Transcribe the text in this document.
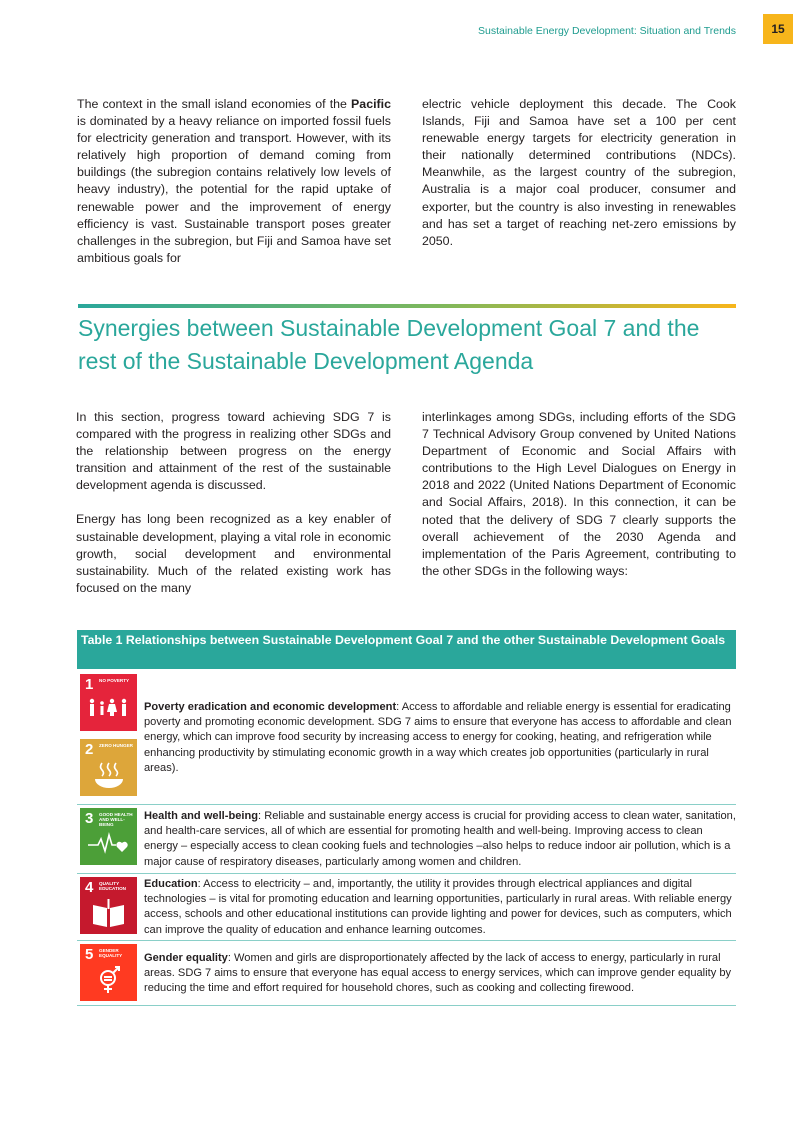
Sustainable Energy Development: Situation and Trends	15
The context in the small island economies of the Pacific is dominated by a heavy reliance on imported fossil fuels for electricity generation and transport. However, with its relatively high proportion of demand coming from buildings (the subregion contains relatively low levels of heavy industry), the potential for the rapid uptake of renewable power and the improvement of energy efficiency is vast. Sustainable transport poses greater challenges in the subregion, but Fiji and Samoa have set ambitious goals for
electric vehicle deployment this decade. The Cook Islands, Fiji and Samoa have set a 100 per cent renewable energy targets for electricity generation in their nationally determined contributions (NDCs). Meanwhile, as the largest country of the subregion, Australia is a major coal producer, consumer and exporter, but the country is also investing in renewables and has set a target of reaching net-zero emissions by 2050.
Synergies between Sustainable Development Goal 7 and the
rest of the Sustainable Development Agenda

In this section, progress toward achieving SDG 7 is compared with the progress in realizing other SDGs and the relationship between progress on the energy transition and attainment of the rest of the sustainable development agenda is discussed.

Energy has long been recognized as a key enabler of sustainable development, playing a vital role in economic growth, social development and environmental sustainability. Much of the related existing work has focused on the many

interlinkages among SDGs, including efforts of the SDG 7 Technical Advisory Group convened by United Nations Department of Economic and Social Affairs with contributions to the High Level Dialogues on Energy in 2018 and 2022 (United Nations Department of Economic and Social Affairs, 2018). In this connection, it can be noted that the delivery of SDG 7 clearly supports the overall achievement of the 2030 Agenda and implementation of the Paris Agreement, contributing to the other SDGs in the following ways:

Table 1 Relationships between Sustainable Development Goal 7 and the other Sustainable Development Goals
1 NO POVERTY
2 ZERO HUNGER
3 GOOD HEALTH AND WELL-BEING
4 QUALITY EDUCATION
5 GENDER EQUALITY

Poverty eradication and economic development: Access to affordable and reliable energy is essential for eradicating poverty and promoting economic development. SDG 7 aims to ensure that everyone has access to affordable and clean energy, which can improve food security by increasing access to energy for cooking, heating, and refrigeration while enhancing productivity by stimulating economic growth in a way which creates job opportunities (particularly in rural areas).

Health and well-being: Reliable and sustainable energy access is crucial for providing access to clean water, sanitation, and health-care services, all of which are essential for promoting health and well-being. Improving access to clean energy – especially access to clean cooking fuels and technologies –also helps to reduce indoor air pollution, which is a major cause of respiratory diseases, particularly among women and children.

Education: Access to electricity – and, importantly, the utility it provides through electrical appliances and digital technologies – is vital for promoting education and learning opportunities, particularly in rural areas. With reliable energy access, schools and other educational institutions can provide lighting and power for devices, such as computers, which can improve the quality of education and enhance learning outcomes.

Gender equality: Women and girls are disproportionately affected by the lack of access to energy, particularly in rural areas. SDG 7 aims to ensure that everyone has equal access to energy services, which can improve gender equality by reducing the time and effort required for household chores, such as cooking and collecting firewood.
